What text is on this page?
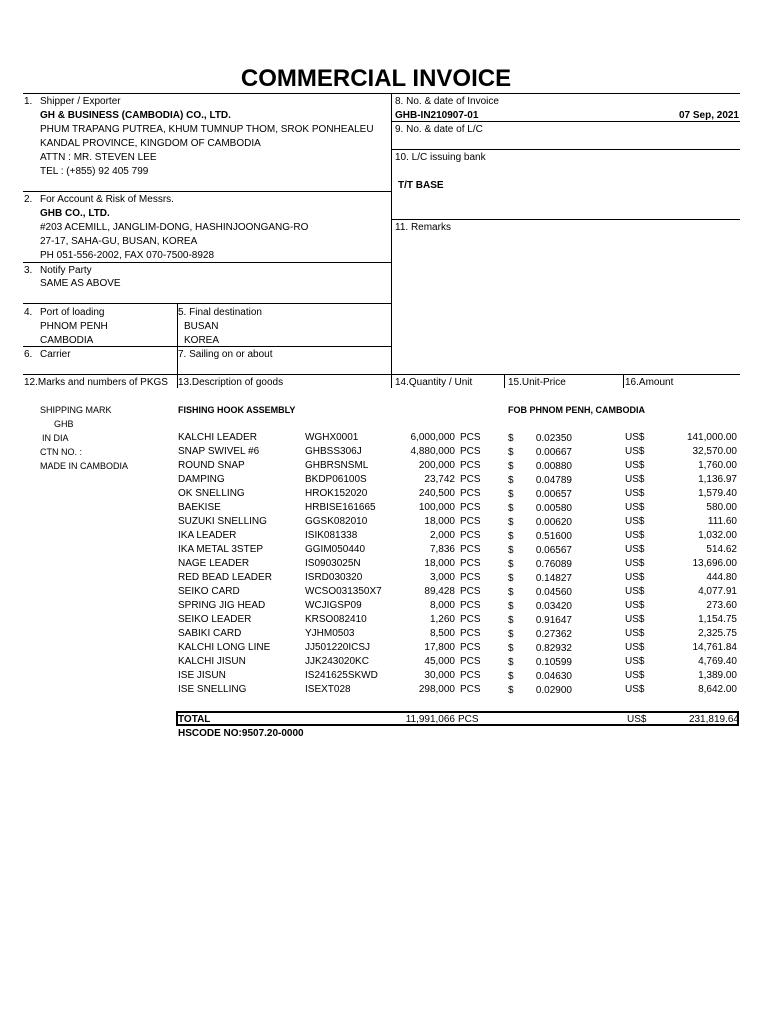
COMMERCIAL INVOICE
1. Shipper / Exporter
GH & BUSINESS (CAMBODIA) CO., LTD.
PHUM TRAPANG PUTREA, KHUM TUMNUP THOM, SROK PONHEALEU
KANDAL PROVINCE, KINGDOM OF CAMBODIA
ATTN : MR. STEVEN LEE
TEL : (+855) 92 405 799
8. No. & date of Invoice
GHB-IN210907-01	07 Sep, 2021
9. No. & date of L/C
10. L/C issuing bank
T/T BASE
2. For Account & Risk of Messrs.
GHB CO., LTD.
#203 ACEMILL, JANGLIM-DONG, HASHINJOONGANG-RO
27-17, SAHA-GU, BUSAN, KOREA
PH 051-556-2002, FAX 070-7500-8928
11. Remarks
3. Notify Party
SAME AS ABOVE
4. Port of loading
PHNOM PENH
CAMBODIA
5. Final destination
BUSAN
KOREA
6. Carrier	7. Sailing on or about
12.Marks and numbers of PKGS 13.Description of goods	14.Quantity / Unit	15.Unit-Price	16.Amount
SHIPPING MARK
GHB
IN DIA
CTN NO. :
MADE IN CAMBODIA
FISHING HOOK ASSEMBLY	FOB PHNOM PENH, CAMBODIA
KALCHI LEADER	WGHX0001	6,000,000 PCS	$ 0.02350	US$	141,000.00
SNAP SWIVEL #6	GHBSS306J	4,880,000 PCS	$ 0.00667	US$	32,570.00
ROUND SNAP	GHBRSNSML	200,000 PCS	$ 0.00880	US$	1,760.00
DAMPING	BKDP06100S	23,742 PCS	$ 0.04789	US$	1,136.97
OK SNELLING	HROK152020	240,500 PCS	$ 0.00657	US$	1,579.40
BAEKISE	HRBISE161665	100,000 PCS	$ 0.00580	US$	580.00
SUZUKI SNELLING	GGSK082010	18,000 PCS	$ 0.00620	US$	111.60
IKA LEADER	ISIK081338	2,000 PCS	$ 0.51600	US$	1,032.00
IKA METAL 3STEP	GGIM050440	7,836 PCS	$ 0.06567	US$	514.62
NAGE LEADER	IS0903025N	18,000 PCS	$ 0.76089	US$	13,696.00
RED BEAD LEADER	ISRD030320	3,000 PCS	$ 0.14827	US$	444.80
SEIKO CARD	WCSO031350X7	89,428 PCS	$ 0.04560	US$	4,077.91
SPRING JIG HEAD	WCJIGSP09	8,000 PCS	$ 0.03420	US$	273.60
SEIKO LEADER	KRSO082410	1,260 PCS	$ 0.91647	US$	1,154.75
SABIKI CARD	YJHM0503	8,500 PCS	$ 0.27362	US$	2,325.75
KALCHI LONG LINE	JJ501220ICSJ	17,800 PCS	$ 0.82932	US$	14,761.84
KALCHI JISUN	JJK243020KC	45,000 PCS	$ 0.10599	US$	4,769.40
ISE JISUN	IS241625SKWD	30,000 PCS	$ 0.04630	US$	1,389.00
ISE SNELLING	ISEXT028	298,000 PCS	$ 0.02900	US$	8,642.00
TOTAL	11,991,066 PCS	US$	231,819.64
HSCODE NO:9507.20-0000
